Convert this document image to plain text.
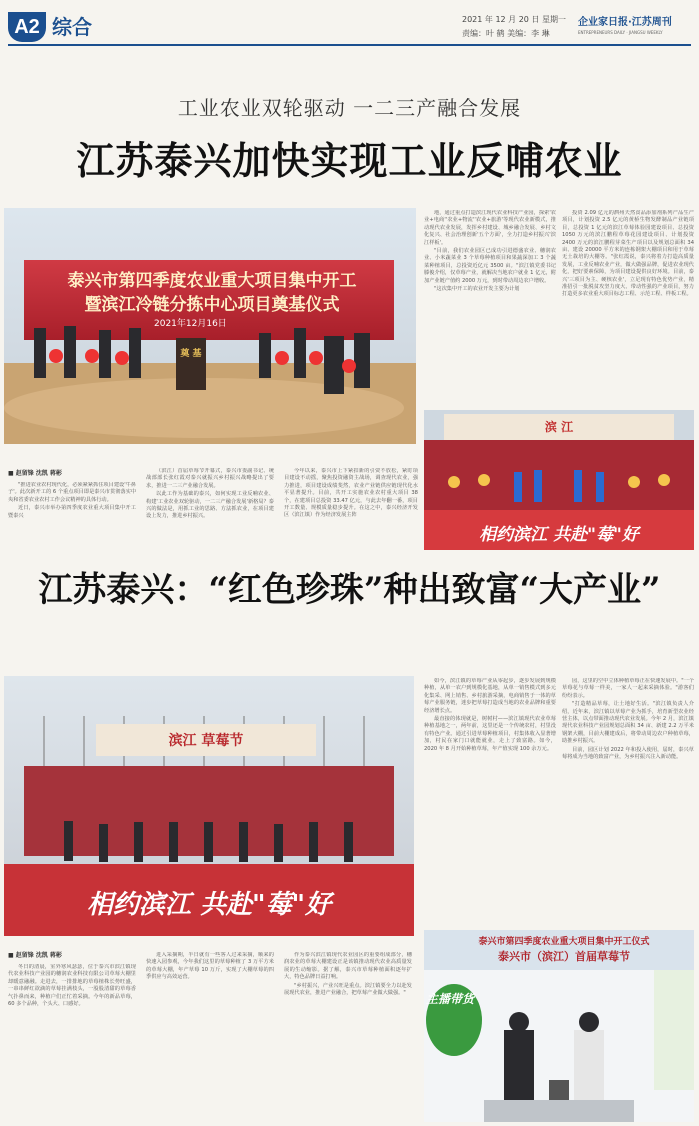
A2 综合	2021 年 12 月 20 日 星期一
责编：叶 鹤 美编：李 琳
企业家日报·江苏周刊
ENTREPRENEURS DAILY · JIANGSU WEEKLY
工业农业双轮驱动 一二三产融合发展
江苏泰兴加快实现工业反哺农业
泰兴市第四季度农业重大项目集中开工
暨滨江冷链分拣中心项目奠基仪式
2021年12月16日
奠 基
滨 江
相约滨江 共赴"莓"好

地，通过重点打造滨江现代农业科技产业园，探索'农业+电商''农业+物流''农业+旅游'等现代农业新模式，推动现代农业发展，发挥乡村建设、城乡融合发展、乡村文化复兴、社会治理创新'五个方面'，全力打造乡村振兴'滨江样板'。

"目前，我们农业园区已成功引进德盛农业、穗润农业、小米蔬菜业 3 个草莓种植项目和果蔬深加工 3 个蔬菜种植项目，总投资近亿元 3500 亩。"滨江镇党委书记滕俊介绍，仅草莓产业，就解决当地农户就业 1 亿元，附加产业链产值约 2000 万元，到时带动周边农户增收。

"这次集中开工的农业开发主要为计划

投资 2.09 亿元的泗州天然食品添加剂系列产品生产项目，计划投资 2.5 亿元的黄桥生物发酵制品产业链项目，总投资 1 亿元的滨江草莓体验园建设项目、总投资 1050 万元的滨江鹏程草莓花园建设项目、计划投资 2400 万元的滨江鹏程芽菜生产项目以及规划总面积 34 亩、建设 20000 平方米的连栋钢架大棚项目和用于草莓无土栽培的大棚等。"张红霞说，泰兴将着力打造高质量发展，工业反哺农业产业，做大做强品牌，促进农业现代化，把好要素保障，为项目建设提供良好环境。目前，泰兴'三项目为主、硬核农业'，立足现有特色优势产业，精准招引一批脱贫攻坚力度大、带动性强的产业项目，努力打造更多农业重大项目标志工程、示范工程、样板工程。

■ 赵留锋 沈凯 蒋彬

"推进农业农村现代化，必须紧紧抓住项目建设'牛鼻子'。此次新开工的 6 个重点项目即是泰兴市贯彻落实中央和省委农业农村工作会议精神的具体行动。

近日，泰兴市举办第四季度农业重大项目集中开工暨泰兴

（滨江）首届草莓节开幕式，泰兴市委副书记、统战部部长张红霞对泰兴就振兴乡村振兴战略提出了要求，推进一二三产业融合发展。

以此工作为基础的泰兴，如何实现工业反哺农业、构建'工业农业双轮驱动，一二三产融合发展'新格局？泰兴的做法是，用抓工业的思路、方法抓农业，在项目建设上发力，推进乡村振兴。

今年以来，泰兴市上下紧扣新的引资不放松，紧盯项目建设不动摇，聚焦投资融资主战场，调查现代农业，强力推进，项目建设成绩斐然，农业产业链供应链现代化水平显著提升。目前，共开工实施农业农村重大项目 38 个，在建项目总投资 33.47 亿元，与此去年翻一番，项目开工数量、规模质量稳步提升。在这之中，泰兴经济开发区（滨江镇）作为经济发展主阵

江苏泰兴：“红色珍珠”种出致富“大产业”
滨江 草莓节
相约滨江 共赴"莓"好

如今，滨江镇的草莓产业从零起步，逐步发展到规模种植，从单一农户到规模化基地，从单一销售模式到多元化集采、网上销售、乡村旅游采摘，电商销售于一体的草莓产业服务链，迷步把草莓打造成当地的农业品牌和重要经济增长点。

最直接的体现就是，树树村——滨江镇现代农业草莓种植基地之一，两年前，这里还是一个传统农村，村里没有特色产业。通过引进草莓种植项目，村集体收入显著增加，村民在家门口就能就业，走上了致富路。如今，2020 年 8 月开始种植草莓，年产值实现 100 余万元。

园，这里的空中立体种植草莓正在快速发展中。"一个草莓花与草莓一样美，一家人一起来采摘体验。"游客们纷纷表示。

"打造精品草莓，让土地好生活。"滨江镇负责人介绍，近年来，滨江镇以草莓产业为抓手，培育新型农业经营主体，以点带面推动现代农业发展。今年 2 月，滨江镇现代农业科技产业园规划总面积 34 亩、新建 2.2 万平米钢架大棚，目前大棚建成后，将带动周边农户种植草莓，助推乡村振兴。

目前，园区计划 2022 年和投入使用，届时，泰兴草莓将成为当地的致富产业，为乡村振兴注入新动能。

■ 赵留锋 沈凯 蒋彬

冬日的清晨，室外寒风瑟瑟，位于泰兴市滨江镇现代农业科技产业园的穗润农业科技有限公司草莓大棚里却暖意融融。走进去，一排排地的草莓植株长势旺盛，一串串鲜红欲滴的草莓挂满枝头，一股股清甜的草莓香气扑鼻而来，种植户们正忙着采摘。今年的新品草莓，60 多个品种，个头大、口感好。

进入采摘期，半日就有一些客人过来采摘，顺来的快速入园参观，今年我们这里的草莓种植了 3 万平方米的草莓大棚，年产草莓 10 万斤，实现了大棚草莓的四季供应与高效运营。

作为泰兴滨江镇现代农业园区的重要组成部分，穗润农业的草莓大棚建设正是该镇推动现代农业高质量发展的生动缩影。据了解，泰兴市草莓种植面积逐年扩大，特色品牌日益打响。

"乡村振兴，产业兴旺是重点。滨江镇要全力以赴发展现代农业，推进产业融合，把草莓产业做大做强。"

泰兴市第四季度农业重大项目集中开工仪式
泰兴市（滨江）首届草莓节
主播带货
